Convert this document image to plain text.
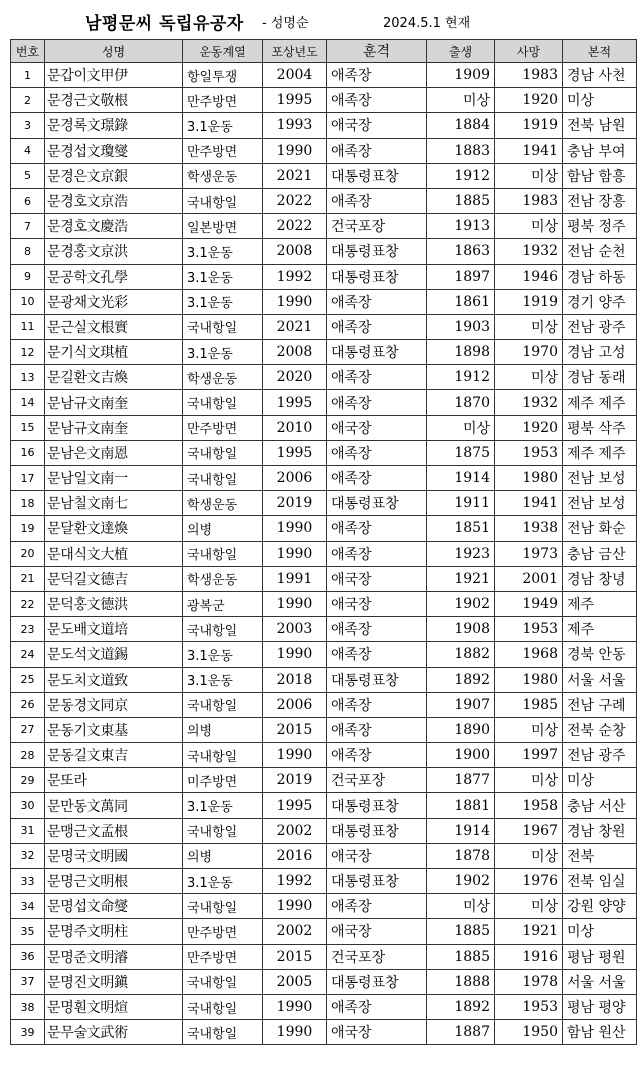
남평문씨 독립유공자 - 성명순	2024.5.1 현재
번호	성명	운동계열	포상년도	훈격	출생	사망	본적
1	문갑이文甲伊	항일투쟁	2004	애족장	1909	1983	경남 사천
2	문경근文敬根	만주방면	1995	애족장	미상	1920	미상
3	문경록文璟錄	3.1운동	1993	애국장	1884	1919	전북 남원
4	문경섭文瓊燮	만주방면	1990	애족장	1883	1941	충남 부여
5	문경은文京銀	학생운동	2021	대통령표창	1912	미상	함남 함흥
6	문경호文京浩	국내항일	2022	애족장	1885	1983	전남 장흥
7	문경호文慶浩	일본방면	2022	건국포장	1913	미상	평북 정주
8	문경홍文京洪	3.1운동	2008	대통령표창	1863	1932	전남 순천
9	문공학文孔學	3.1운동	1992	대통령표창	1897	1946	경남 하동
10	문광채文光彩	3.1운동	1990	애족장	1861	1919	경기 양주
11	문근실文根實	국내항일	2021	애족장	1903	미상	전남 광주
12	문기식文琪植	3.1운동	2008	대통령표창	1898	1970	경남 고성
13	문길환文吉煥	학생운동	2020	애족장	1912	미상	경남 동래
14	문남규文南奎	국내항일	1995	애족장	1870	1932	제주 제주
15	문남규文南奎	만주방면	2010	애국장	미상	1920	평북 삭주
16	문남은文南恩	국내항일	1995	애족장	1875	1953	제주 제주
17	문남일文南一	국내항일	2006	애족장	1914	1980	전남 보성
18	문남칠文南七	학생운동	2019	대통령표창	1911	1941	전남 보성
19	문달환文達煥	의병	1990	애족장	1851	1938	전남 화순
20	문대식文大植	국내항일	1990	애족장	1923	1973	충남 금산
21	문덕길文德吉	학생운동	1991	애국장	1921	2001	경남 창녕
22	문덕홍文德洪	광복군	1990	애국장	1902	1949	제주
23	문도배文道培	국내항일	2003	애족장	1908	1953	제주
24	문도석文道錫	3.1운동	1990	애족장	1882	1968	경북 안동
25	문도치文道致	3.1운동	2018	대통령표창	1892	1980	서울 서울
26	문동경文同京	국내항일	2006	애족장	1907	1985	전남 구례
27	문동기文東基	의병	2015	애족장	1890	미상	전북 순창
28	문동길文東吉	국내항일	1990	애족장	1900	1997	전남 광주
29	문또라	미주방면	2019	건국포장	1877	미상	미상
30	문만동文萬同	3.1운동	1995	대통령표창	1881	1958	충남 서산
31	문맹근文孟根	국내항일	2002	대통령표창	1914	1967	경남 창원
32	문명국文明國	의병	2016	애국장	1878	미상	전북
33	문명근文明根	3.1운동	1992	대통령표창	1902	1976	전북 임실
34	문명섭文命燮	국내항일	1990	애족장	미상	미상	강원 양양
35	문명주文明柱	만주방면	2002	애국장	1885	1921	미상
36	문명준文明濬	만주방면	2015	건국포장	1885	1916	평남 평원
37	문명진文明鎭	국내항일	2005	대통령표창	1888	1978	서울 서울
38	문명훤文明煊	국내항일	1990	애족장	1892	1953	평남 평양
39	문무술文武術	국내항일	1990	애국장	1887	1950	함남 원산
